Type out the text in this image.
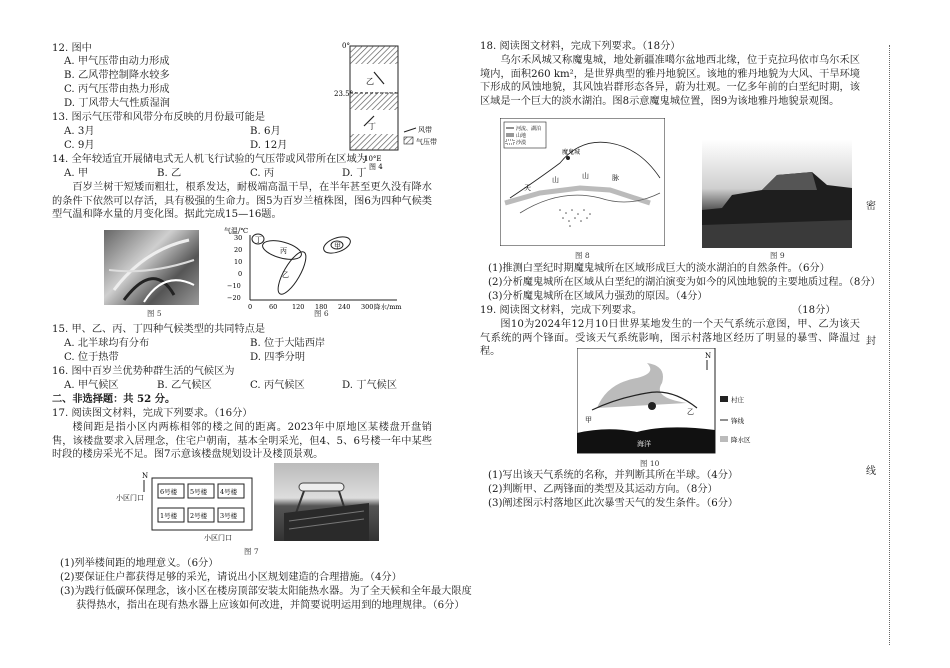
12. 图中
A. 甲气压带由动力形成
B. 乙风带控制降水较多
C. 丙气压带由热力形成
D. 丁风带大气性质湿润
13. 图示气压带和风带分布反映的月份最可能是
A. 3月	B. 6月
C. 9月	D. 12月
14. 全年较适宜开展储电式无人机飞行试验的气压带或风带所在区域为
A. 甲	B. 乙	C. 丙	D. 丁
百岁兰树干短矮而粗壮，根系发达，耐极端高温干旱，在半年甚至更久没有降水的条件下依然可以存活，具有极强的生命力。图5为百岁兰植株图，图6为四种气候类型气温和降水量的月变化图。据此完成15—16题。
乙
丁
0°
23.5°
10°E
图 4
风带
气压带
图 5
气温/℃
30
20
10
0
−10
−20
0	60 120 180 240 300 降水/mm
丁
丙
甲
乙
图 6
15. 甲、乙、丙、丁四种气候类型的共同特点是
A. 北半球均有分布	B. 位于大陆西岸
C. 位于热带	D. 四季分明
16. 图中百岁兰优势种群生活的气候区为
A. 甲气候区	B. 乙气候区	C. 丙气候区	D. 丁气候区
二、非选择题：共 52 分。
17. 阅读图文材料，完成下列要求。（16分）
楼间距是指小区内两栋相邻的楼之间的距离。2023年中原地区某楼盘开盘销售，该楼盘要求入居理念，住宅户朝南，基本全明采光，但4、5、6号楼一年中某些时段的楼房采光不足。图7示意该楼盘规划设计及楼顶景观。
N
小区门口
6号楼 5号楼 4号楼
1号楼 2号楼 3号楼
小区门口
图 7
(1)列举楼间距的地理意义。（6分）
(2)要保证住户都获得足够的采光，请说出小区规划建造的合理措施。（4分）
(3)为践行低碳环保理念，该小区在楼房顶部安装太阳能热水器。为了全天候和全年最大限度
获得热水，指出在现有热水器上应该如何改进，并简要说明运用到的地理规律。（6分）
18. 阅读图文材料，完成下列要求。（18分）
乌尔禾风城又称魔鬼城，地处新疆准噶尔盆地西北缘，位于克拉玛依市乌尔禾区境内，面积260 km²，是世界典型的雅丹地貌区。该地的雅丹地貌为大风、干旱环境下形成的风蚀地貌，其风蚀岩群形态各异，蔚为壮观。一亿多年前的白垩纪时期，该区域是一个巨大的淡水湖泊。图8示意魔鬼城位置，图9为该地雅丹地貌景观图。
河流、湖泊
山地
沙漠
魔鬼城
天
山	山	脉
图 8	图 9
(1)推测白垩纪时期魔鬼城所在区域形成巨大的淡水湖泊的自然条件。（6分）
(2)分析魔鬼城所在区域从白垩纪的湖泊演变为如今的风蚀地貌的主要地质过程。（8分）
(3)分析魔鬼城所在区域风力强劲的原因。（4分）
19. 阅读图文材料，完成下列要求。	（18分）
图10为2024年12月10日世界某地发生的一个天气系统示意图，甲、乙为该天气系统的两个锋面。受该天气系统影响，图示村落地区经历了明显的暴雪、降温过程。	N
海洋
甲
乙
村庄
锋线
降水区
图 10
(1)写出该天气系统的名称，并判断其所在半球。（4分）
(2)判断甲、乙两锋面的类型及其运动方向。（8分）
(3)阐述图示村落地区此次暴雪天气的发生条件。（6分）
密
封
线
